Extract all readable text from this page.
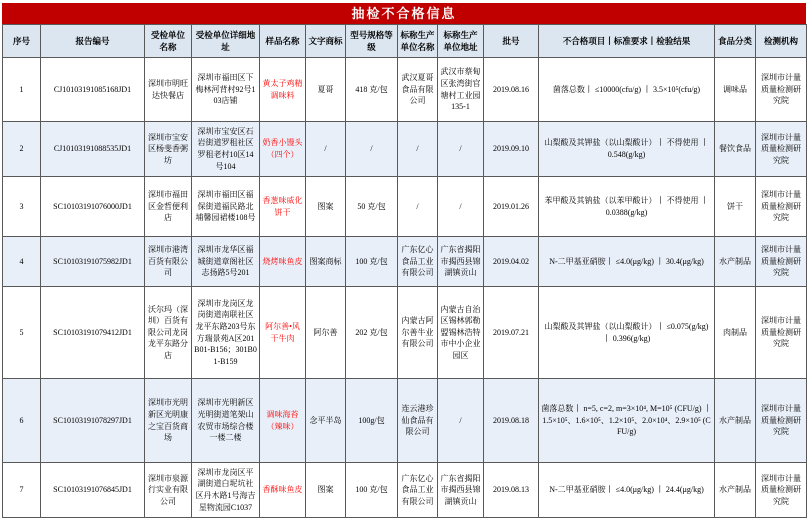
抽检不合格信息
序号	报告编号	受检单位名称	受检单位详细地址	样品名称	文字商标	型号规格等级	标称生产单位名称	标称生产单位地址	批号	不合格项目丨标准要求丨检验结果	食品分类	检测机构
1	CJ10103191085168JD1	深圳市明旺达快餐店	深圳市福田区下梅林河背村92号103店铺	黄太子鸡精调味料	夏哥	418 克/包	武汉夏哥食品有限公司	武汉市蔡甸区张湾街官塘村工业园135-1	2019.08.16	菌落总数丨 ≤10000(cfu/g) 丨 3.5×10⁵(cfu/g)	调味品	深圳市计量质量检测研究院
2	CJ10103191088535JD1	深圳市宝安区杨斐香粥坊	深圳市宝安区石岩街道罗租社区罗租老村10区14号104	奶香小馒头（四个）	/	/	/	/	2019.09.10	山梨酸及其钾盐（以山梨酸计）丨 不得使用 丨 0.548(g/kg)	餐饮食品	深圳市计量质量检测研究院
3	SC10103191076000JD1	深圳市福田区金哲便利店	深圳市福田区福保街道福民路北埔馨园裙楼108号	香葱味威化饼干	图案	50 克/包	/	/	2019.01.26	苯甲酸及其钠盐（以苯甲酸计）丨 不得使用 丨 0.0388(g/kg)	饼干	深圳市计量质量检测研究院
4	SC10103191075982JD1	深圳市港湾百货有限公司	深圳市龙华区福城街道章阁社区志扬路5号201	烧烤味鱼皮	图案商标	100 克/包	广东亿心食品工业有限公司	广东省揭阳市揭西县锦湖镇贡山	2019.04.02	N-二甲基亚硝胺丨 ≤4.0(μg/kg) 丨 30.4(μg/kg)	水产制品	深圳市计量质量检测研究院
5	SC10103191079412JD1	沃尔玛（深圳）百货有限公司龙岗龙平东路分店	深圳市龙岗区龙岗街道南联社区龙平东路203号东方瑞景苑A区201B01-B156；301B01-B159	阿尔善•风干牛肉	阿尔善	202 克/包	内蒙古阿尔善牛业有限公司	内蒙古自治区锡林郭勒盟锡林浩特市中小企业园区	2019.07.21	山梨酸及其钾盐（以山梨酸计）丨 ≤0.075(g/kg) 丨 0.396(g/kg)	肉制品	深圳市计量质量检测研究院
6	SC10103191078297JD1	深圳市光明新区光明康之宝百货商场	深圳市光明新区光明街道笔架山农贸市场综合楼一楼二楼	调味海苔（辣味）	念平半岛	100g/包	连云港珍仙食品有限公司	/	2019.08.18	菌落总数丨 n=5, c=2, m=3×10⁴, M=10⁵ (CFU/g) 丨 1.5×10⁵、1.6×10⁵、1.2×10⁵、2.0×10⁴、2.9×10⁵ (CFU/g)	水产制品	深圳市计量质量检测研究院
7	SC10103191076845JD1	深圳市泉源行实业有限公司	深圳市龙岗区平湖街道白坭坑社区丹木路1号海吉星物流园C1037	香酥味鱼皮	图案	100 克/包	广东亿心食品工业有限公司	广东省揭阳市揭西县锦湖镇贡山	2019.08.13	N-二甲基亚硝胺丨 ≤4.0(μg/kg) 丨 24.4(μg/kg)	水产制品	深圳市计量质量检测研究院
